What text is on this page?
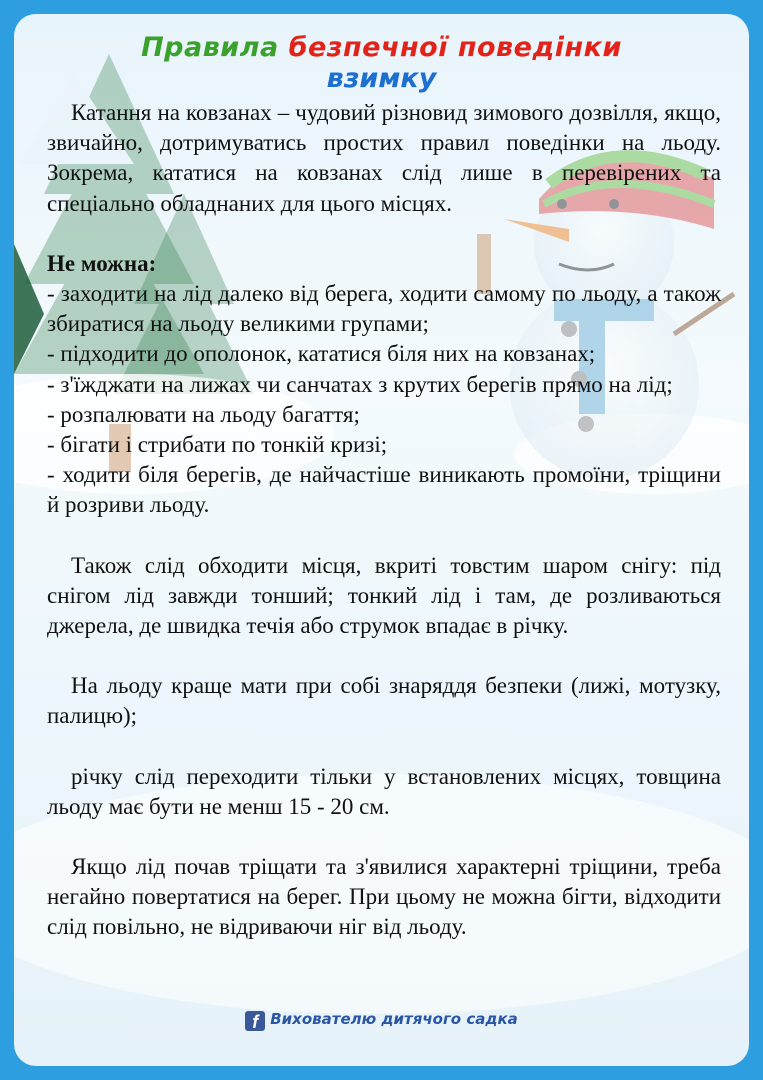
Правила безпечної поведінки
взимку

Катання на ковзанах – чудовий різновид зимового дозвілля, якщо, звичайно, дотримуватись простих правил поведінки на льоду. Зокрема, кататися на ковзанах слід лише в перевірених та спеціально обладнаних для цього місцях.

Не можна:

- заходити на лід далеко від берега, ходити самому по льоду, а також збиратися на льоду великими групами;

- підходити до ополонок, кататися біля них на ковзанах;

- з'їжджати на лижах чи санчатах з крутих берегів прямо на лід;

- розпалювати на льоду багаття;

- бігати і стрибати по тонкій кризі;

- ходити біля берегів, де найчастіше виникають промоїни, тріщини й розриви льоду.

Також слід обходити місця, вкриті товстим шаром снігу: під снігом лід завжди тонший; тонкий лід і там, де розливаються джерела, де швидка течія або струмок впадає в річку.

На льоду краще мати при собі знаряддя безпеки (лижі, мотузку, палицю);

річку слід переходити тільки у встановлених місцях, товщина льоду має бути не менш 15 - 20 см.

Якщо лід почав тріщати та з'явилися характерні тріщини, треба негайно повертатися на берег. При цьому не можна бігти, відходити слід повільно, не відриваючи ніг від льоду.

f Вихователю дитячого садка
